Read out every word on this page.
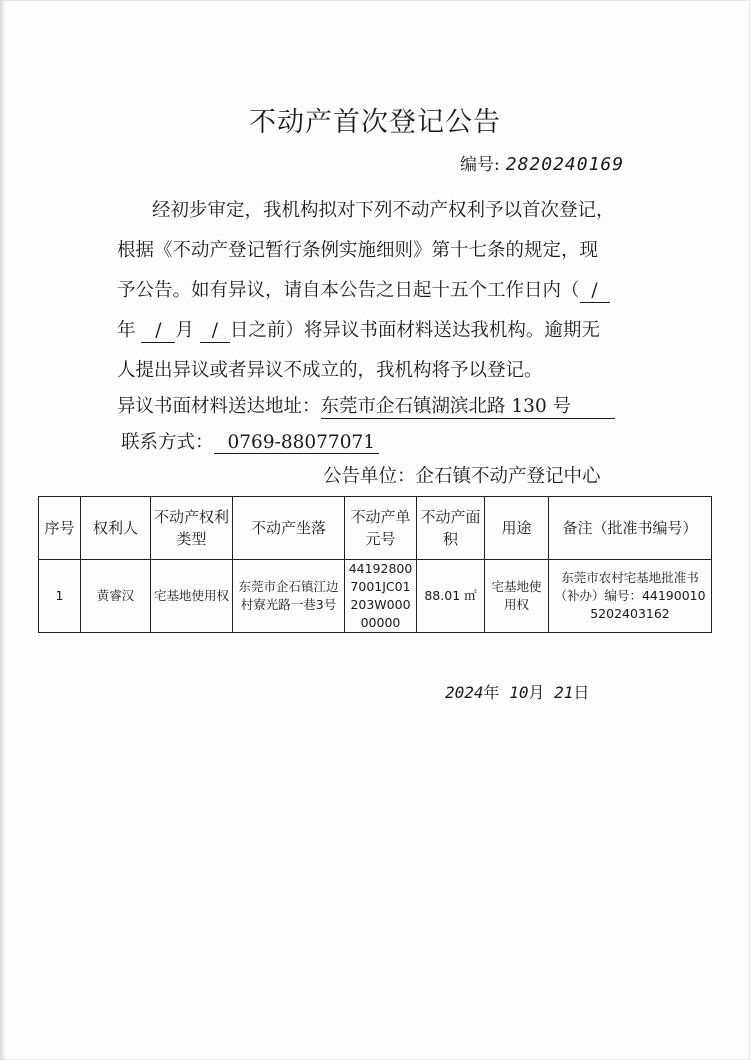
不动产首次登记公告
编号: 2820240169
经初步审定，我机构拟对下列不动产权利予以首次登记，
根据《不动产登记暂行条例实施细则》第十七条的规定，现
予公告。如有异议，请自本公告之日起十五个工作日内（ /
年 / 月 / 日之前）将异议书面材料送达我机构。逾期无
人提出异议或者异议不成立的，我机构将予以登记。
异议书面材料送达地址：东莞市企石镇湖滨北路 130 号
联系方式： 0769-88077071
公告单位：企石镇不动产登记中心
序号	权利人	不动产权利类型	不动产坐落	不动产单元号	不动产面积	用途	备注（批准书编号）
1	黄睿汉	宅基地使用权	东莞市企石镇江边村寮光路一巷3号	441928007001JC01203W00000000	88.01 ㎡	宅基地使用权	东莞市农村宅基地批准书（补办）编号：441900105202403162
2024年 10月 21日
